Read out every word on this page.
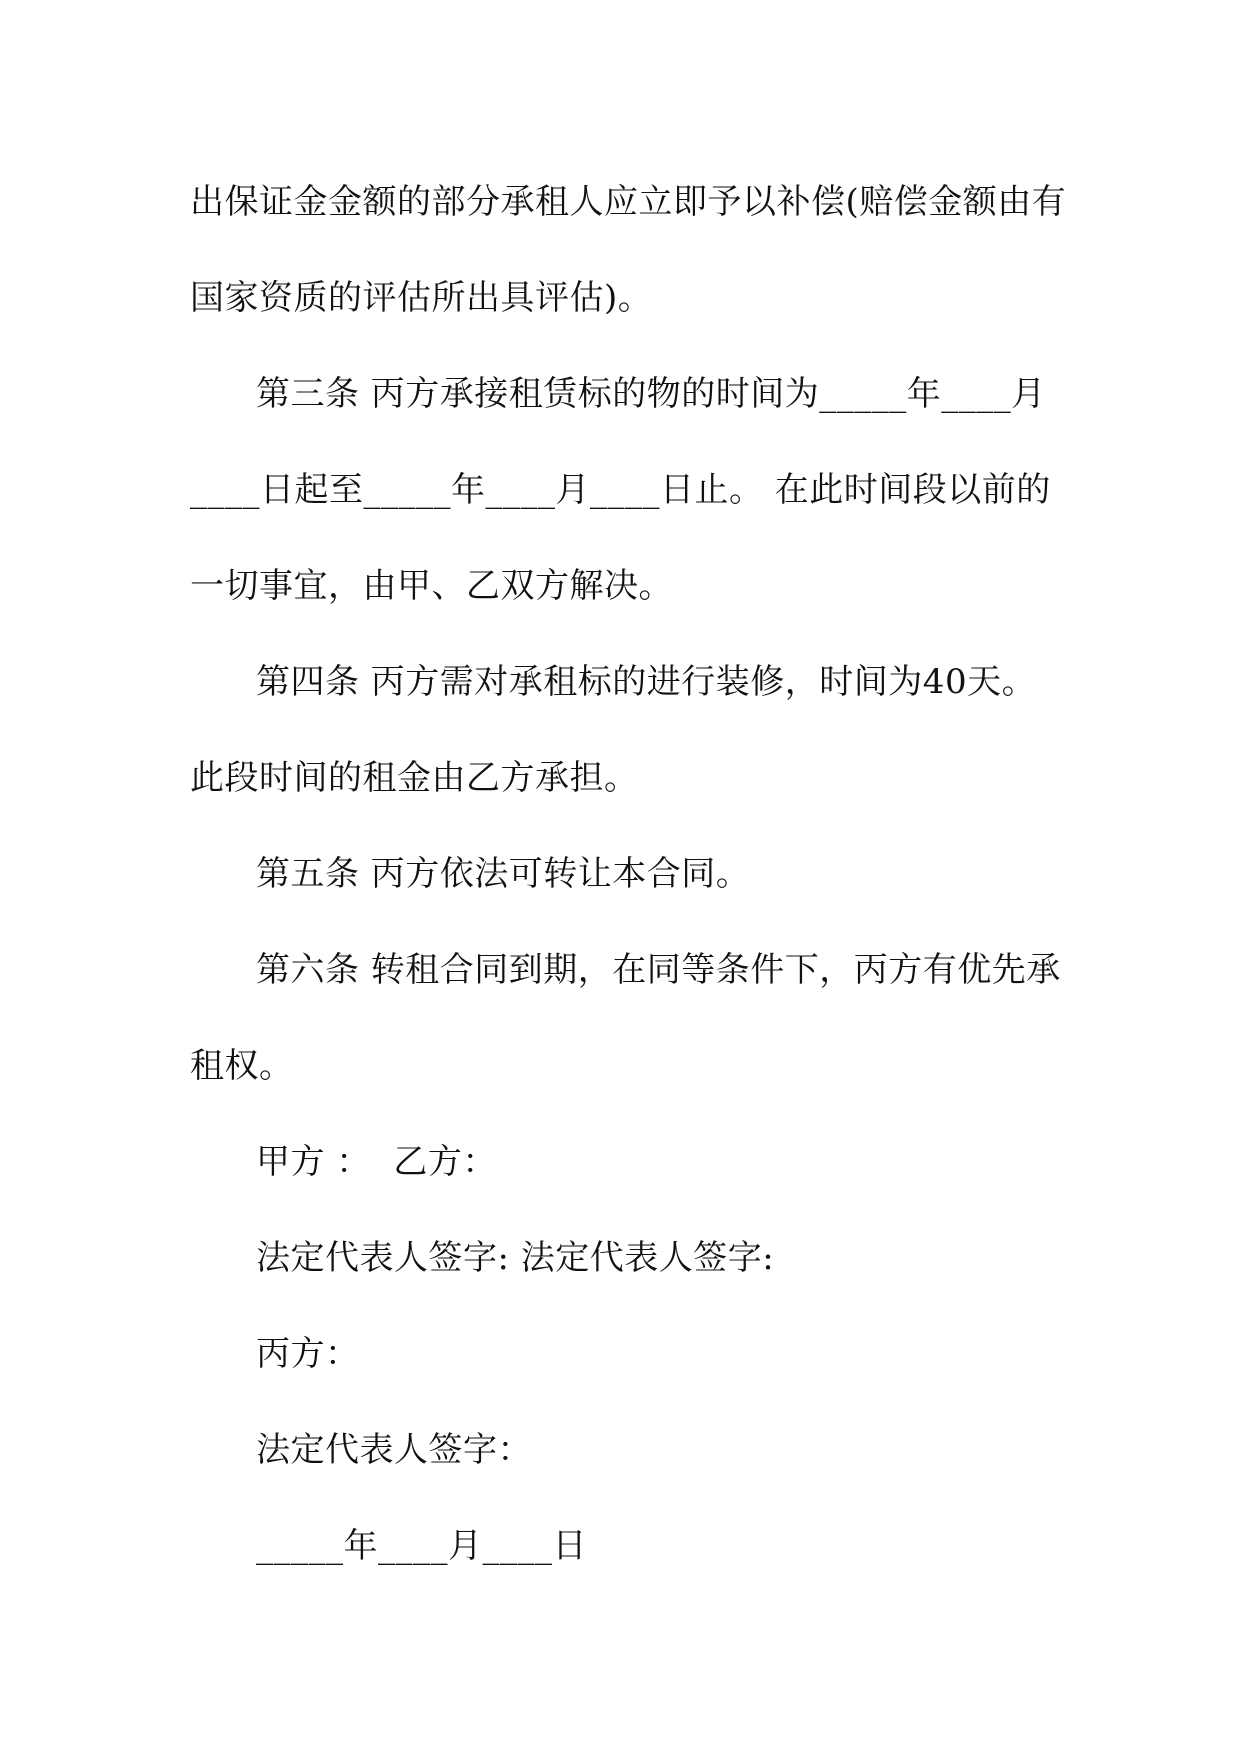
出保证金金额的部分承租人应立即予以补偿(赔偿金额由有
国家资质的评估所出具评估)。
第三条 丙方承接租赁标的物的时间为_____年____月
____日起至_____年____月____日止。 在此时间段以前的
一切事宜，由甲、乙双方解决。
第四条 丙方需对承租标的进行装修，时间为40天。
此段时间的租金由乙方承担。
第五条 丙方依法可转让本合同。
第六条 转租合同到期，在同等条件下，丙方有优先承
租权。
甲方 ：  乙方：
法定代表人签字: 法定代表人签字:
丙方：
法定代表人签字：
_____年____月____日
